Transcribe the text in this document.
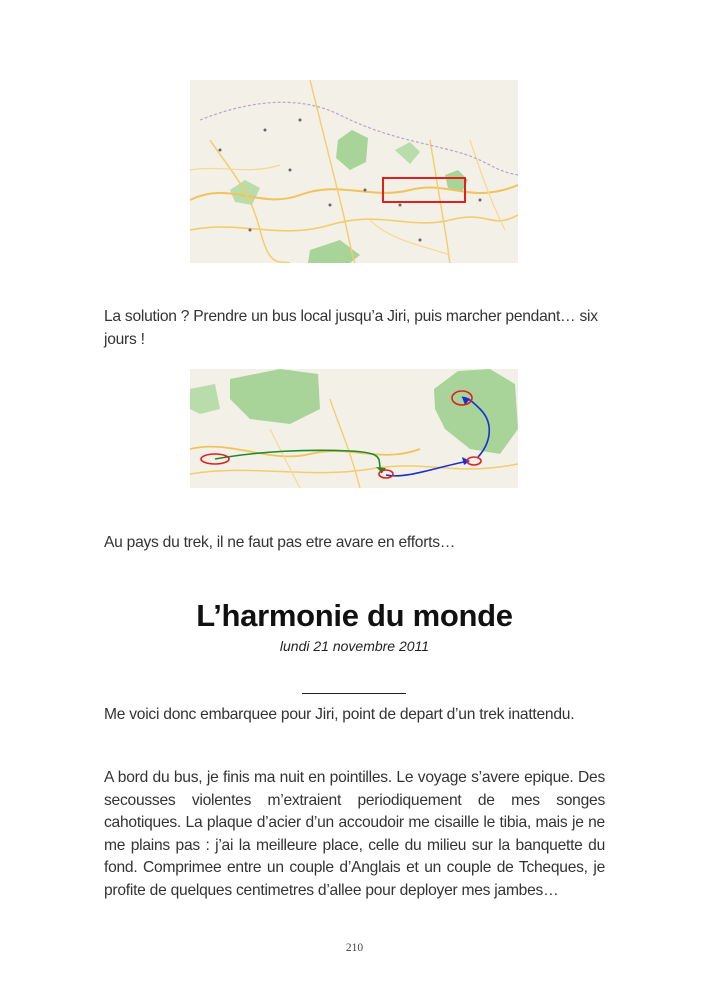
La solution ? Prendre un bus local jusqu’a Jiri, puis marcher pendant… six jours !

Au pays du trek, il ne faut pas etre avare en efforts…

L’harmonie du monde

lundi 21 novembre 2011

Me voici donc embarquee pour Jiri, point de depart d’un trek inattendu.

A bord du bus, je finis ma nuit en pointilles. Le voyage s’avere epique. Des secousses violentes m’extraient periodiquement de mes songes cahotiques. La plaque d’acier d’un accoudoir me cisaille le tibia, mais je ne me plains pas : j’ai la meilleure place, celle du milieu sur la banquette du fond. Comprimee entre un couple d’Anglais et un couple de Tcheques, je profite de quelques centimetres d’allee pour deployer mes jambes…

210
